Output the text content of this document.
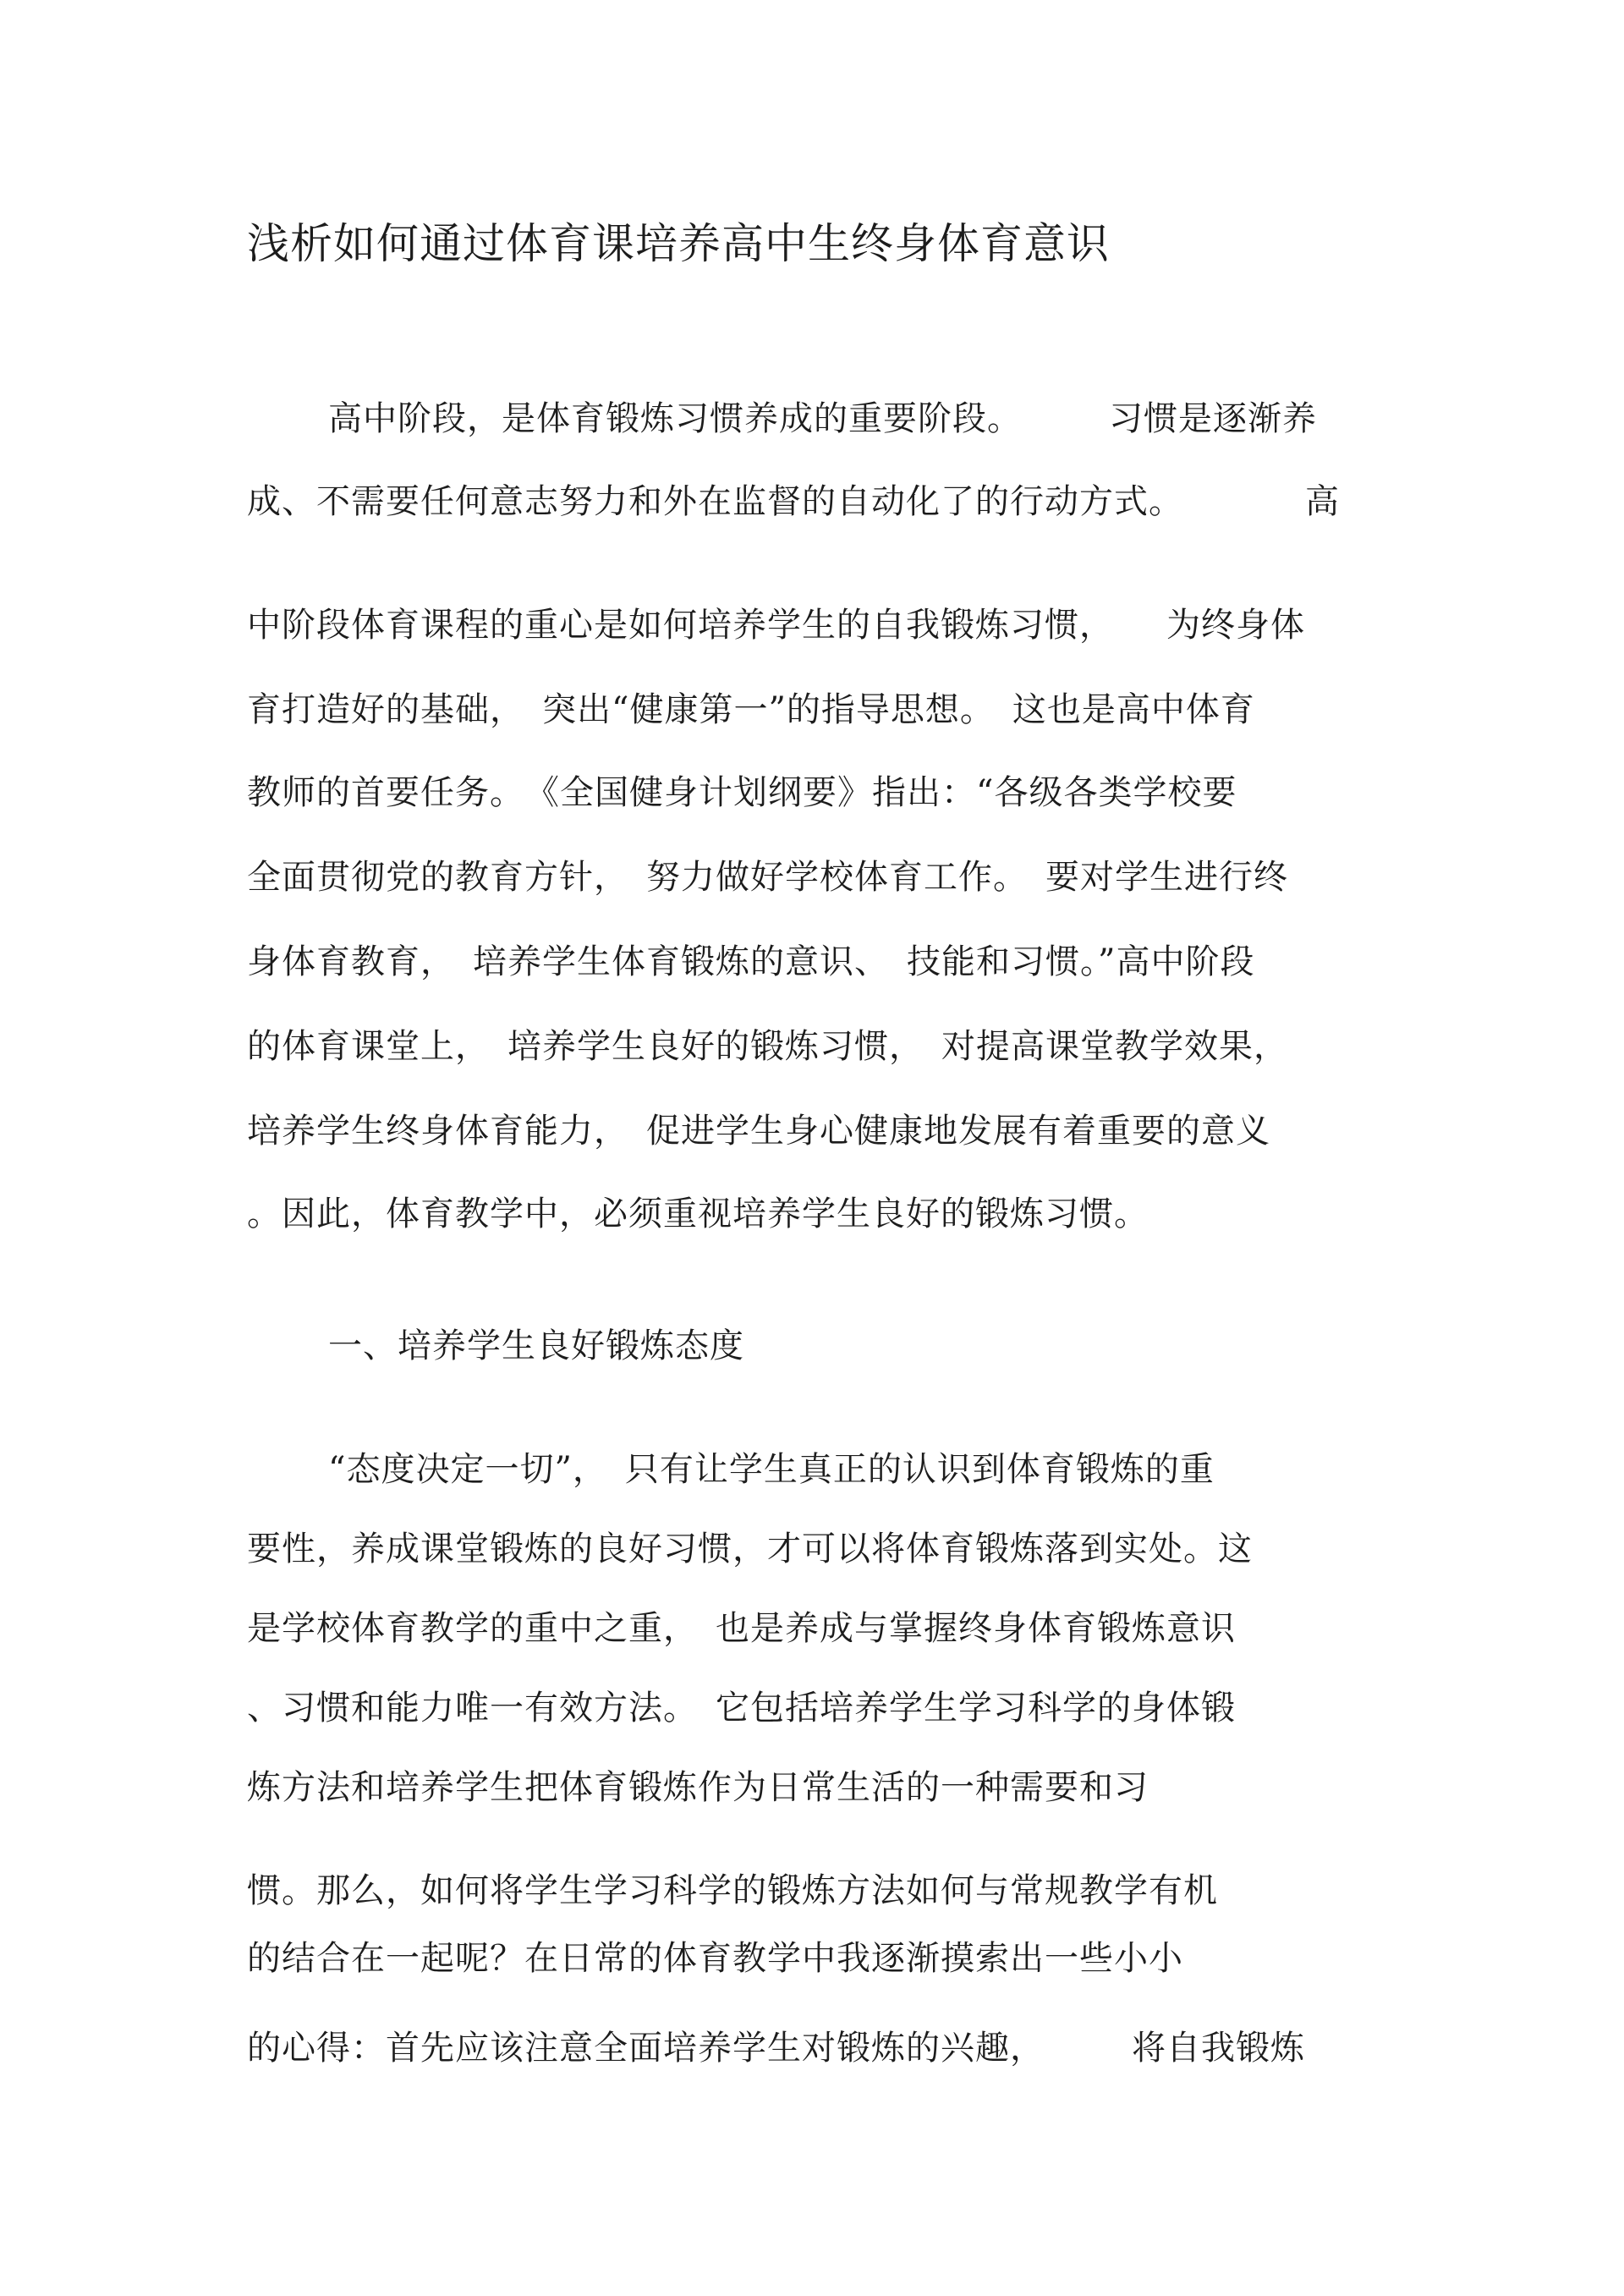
浅析如何通过体育课培养高中生终身体育意识
高中阶段，是体育锻炼习惯养成的重要阶段。　　　习惯是逐渐养
成、不需要任何意志努力和外在监督的自动化了的行动方式。　　　　高
中阶段体育课程的重心是如何培养学生的自我锻炼习惯，　　为终身体
育打造好的基础，　突出“健康第一”的指导思想。　这也是高中体育
教师的首要任务。　《全国健身计划纲要》指出：“各级各类学校要
全面贯彻党的教育方针，　努力做好学校体育工作。　要对学生进行终
身体育教育，　培养学生体育锻炼的意识、　技能和习惯。”高中阶段
的体育课堂上，　培养学生良好的锻炼习惯，　对提高课堂教学效果，
培养学生终身体育能力，　促进学生身心健康地发展有着重要的意义
。因此，体育教学中，必须重视培养学生良好的锻炼习惯。
一、培养学生良好锻炼态度
“态度决定一切”，　只有让学生真正的认识到体育锻炼的重
要性，养成课堂锻炼的良好习惯，才可以将体育锻炼落到实处。这
是学校体育教学的重中之重，　也是养成与掌握终身体育锻炼意识
、习惯和能力唯一有效方法。　它包括培养学生学习科学的身体锻
炼方法和培养学生把体育锻炼作为日常生活的一种需要和习
惯。那么，如何将学生学习科学的锻炼方法如何与常规教学有机
的结合在一起呢？在日常的体育教学中我逐渐摸索出一些小小
的心得：首先应该注意全面培养学生对锻炼的兴趣，　　　将自我锻炼
